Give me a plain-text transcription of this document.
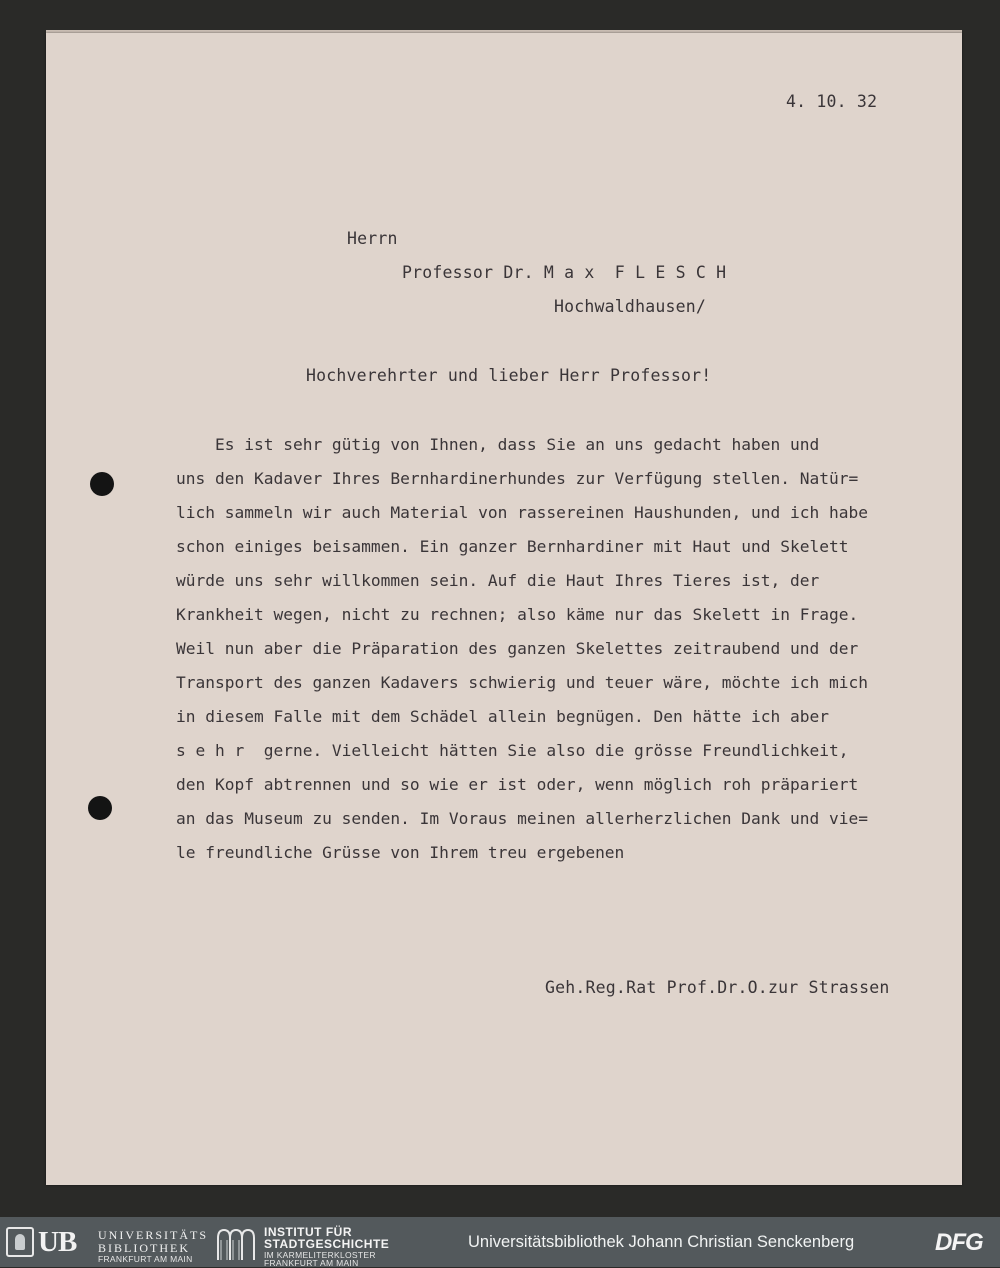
4. 10. 32
Herrn
Professor Dr. M a x  F L E S C H
Hochwaldhausen/
Hochverehrter und lieber Herr Professor!
Es ist sehr gütig von Ihnen, dass Sie an uns gedacht haben und
uns den Kadaver Ihres Bernhardinerhundes zur Verfügung stellen. Natür=
lich sammeln wir auch Material von rassereinen Haushunden, und ich habe
schon einiges beisammen. Ein ganzer Bernhardiner mit Haut und Skelett
würde uns sehr willkommen sein. Auf die Haut Ihres Tieres ist, der
Krankheit wegen, nicht zu rechnen; also käme nur das Skelett in Frage.
Weil nun aber die Präparation des ganzen Skelettes zeitraubend und der
Transport des ganzen Kadavers schwierig und teuer wäre, möchte ich mich
in diesem Falle mit dem Schädel allein begnügen. Den hätte ich aber
s e h r  gerne. Vielleicht hätten Sie also die grösse Freundlichkeit,
den Kopf abtrennen und so wie er ist oder, wenn möglich roh präpariert
an das Museum zu senden. Im Voraus meinen allerherzlichen Dank und vie=
le freundliche Grüsse von Ihrem treu ergebenen
Geh.Reg.Rat Prof.Dr.O.zur Strassen
UB UNIVERSITÄTS
BIBLIOTHEK
FRANKFURT AM MAIN
INSTITUT FÜR
STADTGESCHICHTE
IM KARMELITERKLOSTER
FRANKFURT AM MAIN
Universitätsbibliothek Johann Christian Senckenberg	DFG
